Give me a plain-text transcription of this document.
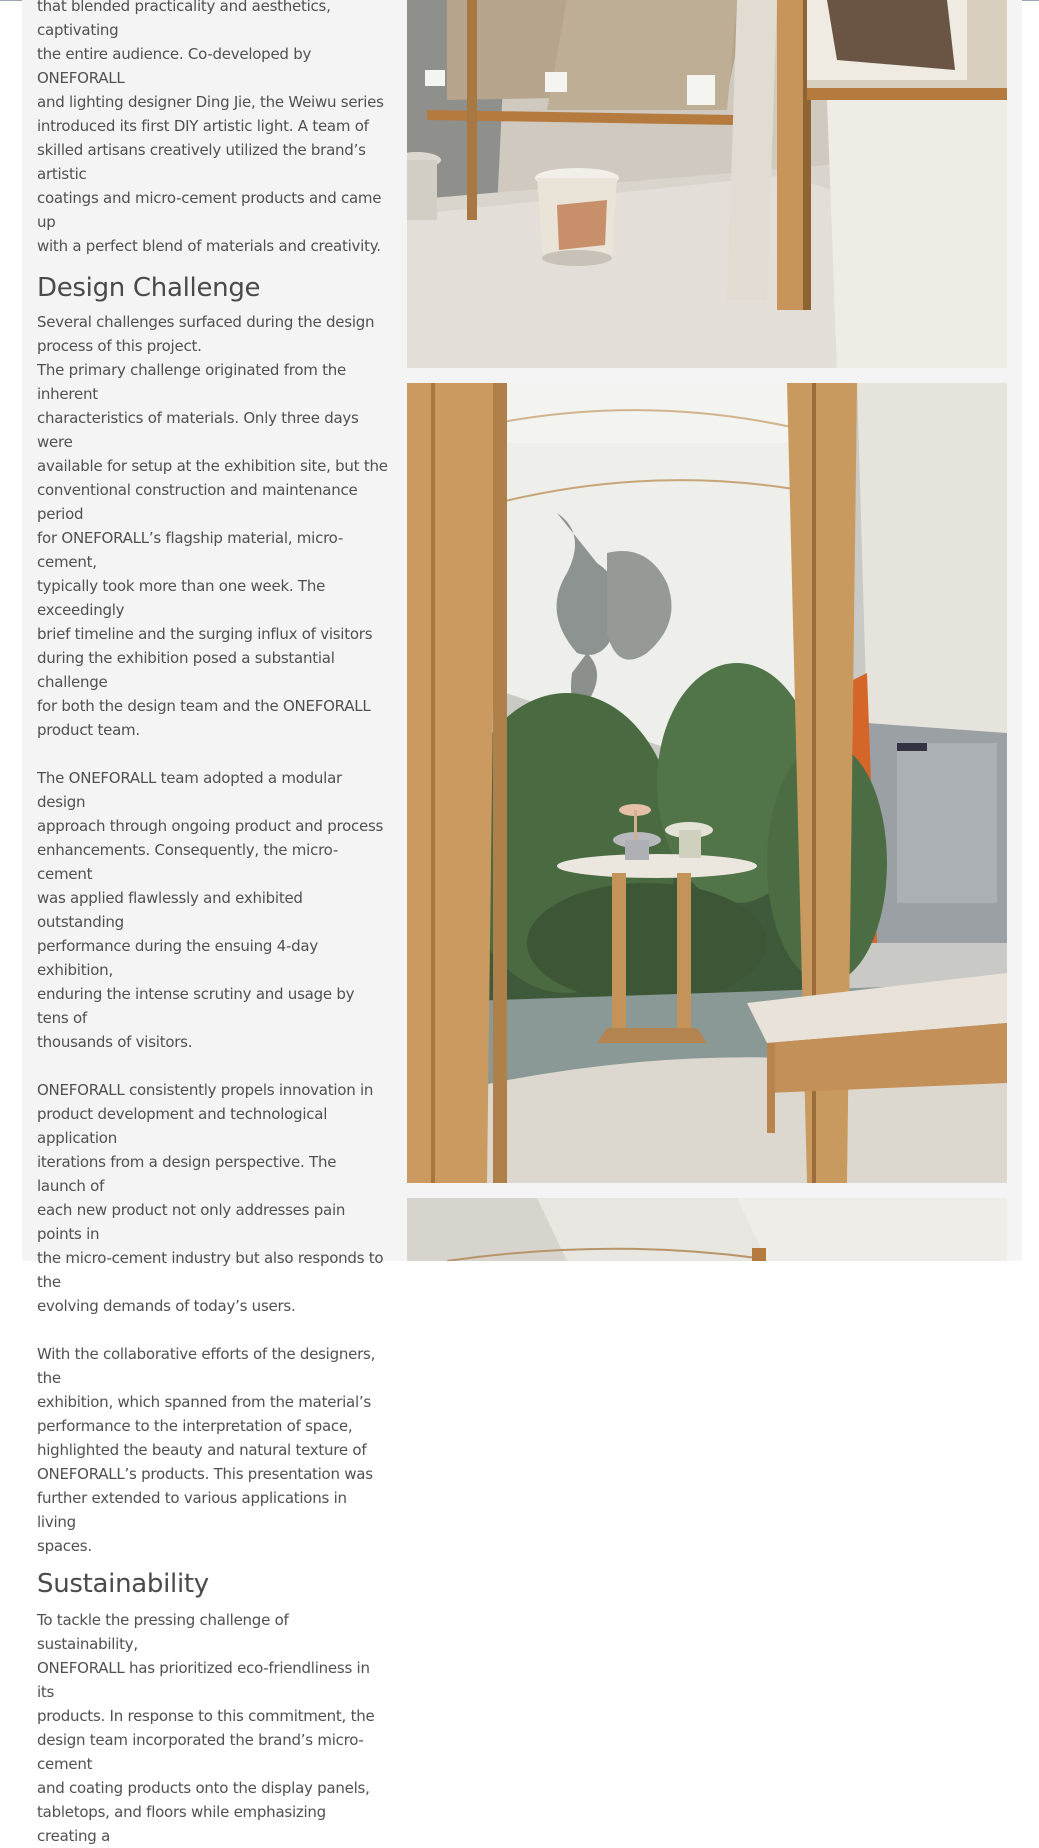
that blended practicality and aesthetics, captivating
the entire audience. Co-developed by ONEFORALL
and lighting designer Ding Jie, the Weiwu series
introduced its first DIY artistic light. A team of
skilled artisans creatively utilized the brand’s artistic
coatings and micro-cement products and came up
with a perfect blend of materials and creativity.

Design Challenge

Several challenges surfaced during the design
process of this project.
The primary challenge originated from the inherent
characteristics of materials. Only three days were
available for setup at the exhibition site, but the
conventional construction and maintenance period
for ONEFORALL’s flagship material, micro-cement,
typically took more than one week. The exceedingly
brief timeline and the surging influx of visitors
during the exhibition posed a substantial challenge
for both the design team and the ONEFORALL
product team.

The ONEFORALL team adopted a modular design
approach through ongoing product and process
enhancements. Consequently, the micro-cement
was applied flawlessly and exhibited outstanding
performance during the ensuing 4-day exhibition,
enduring the intense scrutiny and usage by tens of
thousands of visitors.

ONEFORALL consistently propels innovation in
product development and technological application
iterations from a design perspective. The launch of
each new product not only addresses pain points in
the micro-cement industry but also responds to the
evolving demands of today’s users.

With the collaborative efforts of the designers, the
exhibition, which spanned from the material’s
performance to the interpretation of space,
highlighted the beauty and natural texture of
ONEFORALL’s products. This presentation was
further extended to various applications in living
spaces.

Sustainability

To tackle the pressing challenge of sustainability,
ONEFORALL has prioritized eco-friendliness in its
products. In response to this commitment, the
design team incorporated the brand’s micro-cement
and coating products onto the display panels,
tabletops, and floors while emphasizing creating a
